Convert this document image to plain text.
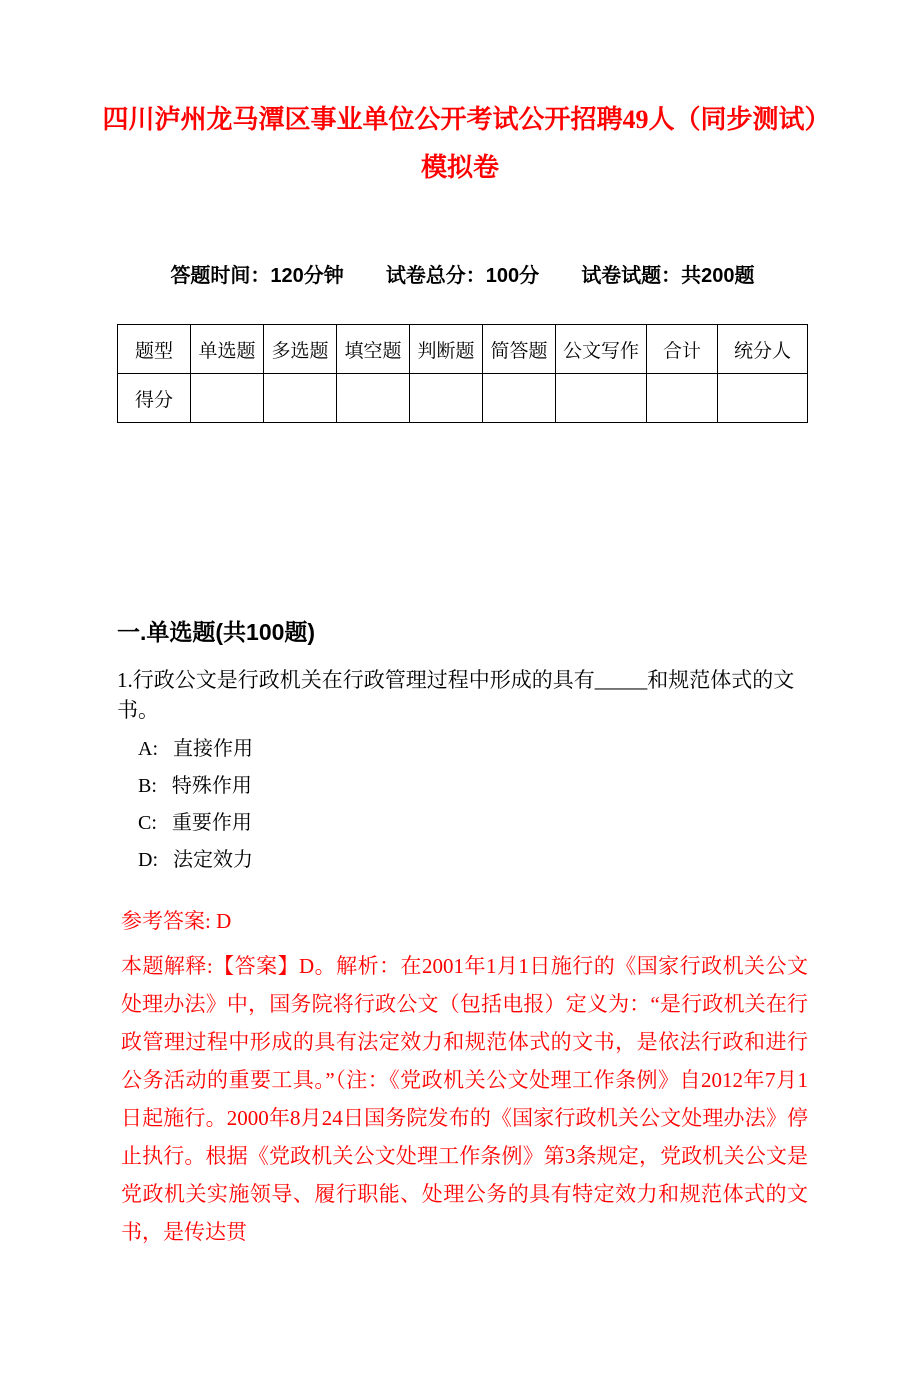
四川泸州龙马潭区事业单位公开考试公开招聘49人（同步测试）模拟卷
答题时间：120分钟 试卷总分：100分 试卷试题：共200题
题型	单选题	多选题	填空题	判断题	简答题	公文写作	合计	统分人
得分								
一.单选题(共100题)

1.行政公文是行政机关在行政管理过程中形成的具有_____和规范体式的文书。

A: 直接作用
B: 特殊作用
C: 重要作用
D: 法定效力

参考答案: D

本题解释:【答案】D。解析：在2001年1月1日施行的《国家行政机关公文处理办法》中，国务院将行政公文（包括电报）定义为：“是行政机关在行政管理过程中形成的具有法定效力和规范体式的文书，是依法行政和进行公务活动的重要工具。”（注：《党政机关公文处理工作条例》自2012年7月1日起施行。2000年8月24日国务院发布的《国家行政机关公文处理办法》停止执行。根据《党政机关公文处理工作条例》第3条规定，党政机关公文是党政机关实施领导、履行职能、处理公务的具有特定效力和规范体式的文书，是传达贯
